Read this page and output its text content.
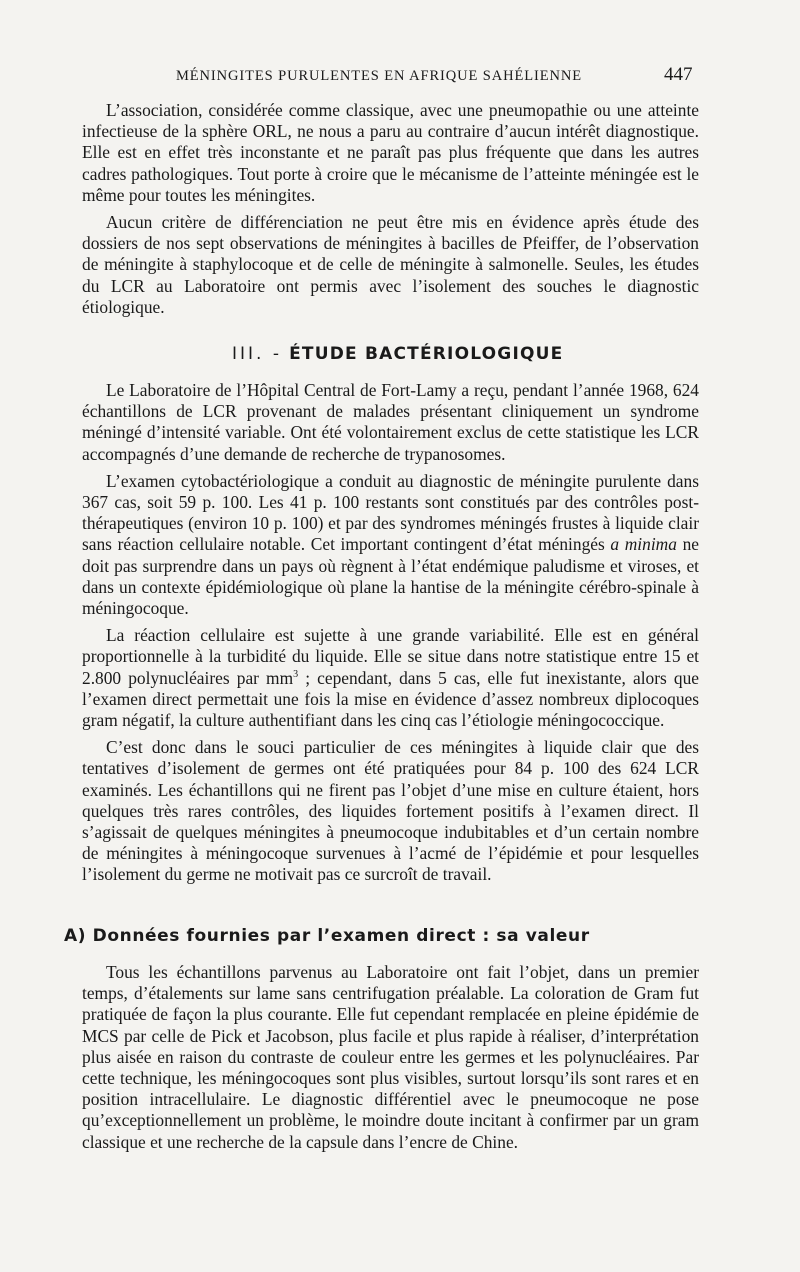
MÉNINGITES PURULENTES EN AFRIQUE SAHÉLIENNE	447

L’association, considérée comme classique, avec une pneumopathie ou une atteinte infectieuse de la sphère ORL, ne nous a paru au contraire d’aucun intérêt diagnostique. Elle est en effet très inconstante et ne paraît pas plus fréquente que dans les autres cadres pathologiques. Tout porte à croire que le mécanisme de l’atteinte méningée est le même pour toutes les méningites.

Aucun critère de différenciation ne peut être mis en évidence après étude des dossiers de nos sept observations de méningites à bacilles de Pfeiffer, de l’observation de méningite à staphylocoque et de celle de méningite à salmonelle. Seules, les études du LCR au Laboratoire ont permis avec l’isolement des souches le diagnostic étiologique.

III. - ÉTUDE BACTÉRIOLOGIQUE

Le Laboratoire de l’Hôpital Central de Fort-Lamy a reçu, pendant l’année 1968, 624 échantillons de LCR provenant de malades présentant cliniquement un syndrome méningé d’intensité variable. Ont été volontairement exclus de cette statistique les LCR accompagnés d’une demande de recherche de trypanosomes.

L’examen cytobactériologique a conduit au diagnostic de méningite purulente dans 367 cas, soit 59 p. 100. Les 41 p. 100 restants sont constitués par des contrôles post-thérapeutiques (environ 10 p. 100) et par des syndromes méningés frustes à liquide clair sans réaction cellulaire notable. Cet important contingent d’état méningés a minima ne doit pas surprendre dans un pays où règnent à l’état endémique paludisme et viroses, et dans un contexte épidémiologique où plane la hantise de la méningite cérébro-spinale à méningocoque.

La réaction cellulaire est sujette à une grande variabilité. Elle est en général proportionnelle à la turbidité du liquide. Elle se situe dans notre statistique entre 15 et 2.800 polynucléaires par $mm^3$ ; cependant, dans 5 cas, elle fut inexistante, alors que l’examen direct permettait une fois la mise en évidence d’assez nombreux diplocoques gram négatif, la culture authentifiant dans les cinq cas l’étiologie méningococcique.

C’est donc dans le souci particulier de ces méningites à liquide clair que des tentatives d’isolement de germes ont été pratiquées pour 84 p. 100 des 624 LCR examinés. Les échantillons qui ne firent pas l’objet d’une mise en culture étaient, hors quelques très rares contrôles, des liquides fortement positifs à l’examen direct. Il s’agissait de quelques méningites à pneumocoque indubitables et d’un certain nombre de méningites à méningocoque survenues à l’acmé de l’épidémie et pour lesquelles l’isolement du germe ne motivait pas ce surcroît de travail.

A) Données fournies par l’examen direct : sa valeur

Tous les échantillons parvenus au Laboratoire ont fait l’objet, dans un premier temps, d’étalements sur lame sans centrifugation préalable. La coloration de Gram fut pratiquée de façon la plus courante. Elle fut cependant remplacée en pleine épidémie de MCS par celle de Pick et Jacobson, plus facile et plus rapide à réaliser, d’interprétation plus aisée en raison du contraste de couleur entre les germes et les polynucléaires. Par cette technique, les méningocoques sont plus visibles, surtout lorsqu’ils sont rares et en position intracellulaire. Le diagnostic différentiel avec le pneumocoque ne pose qu’exceptionnellement un problème, le moindre doute incitant à confirmer par un gram classique et une recherche de la capsule dans l’encre de Chine.
